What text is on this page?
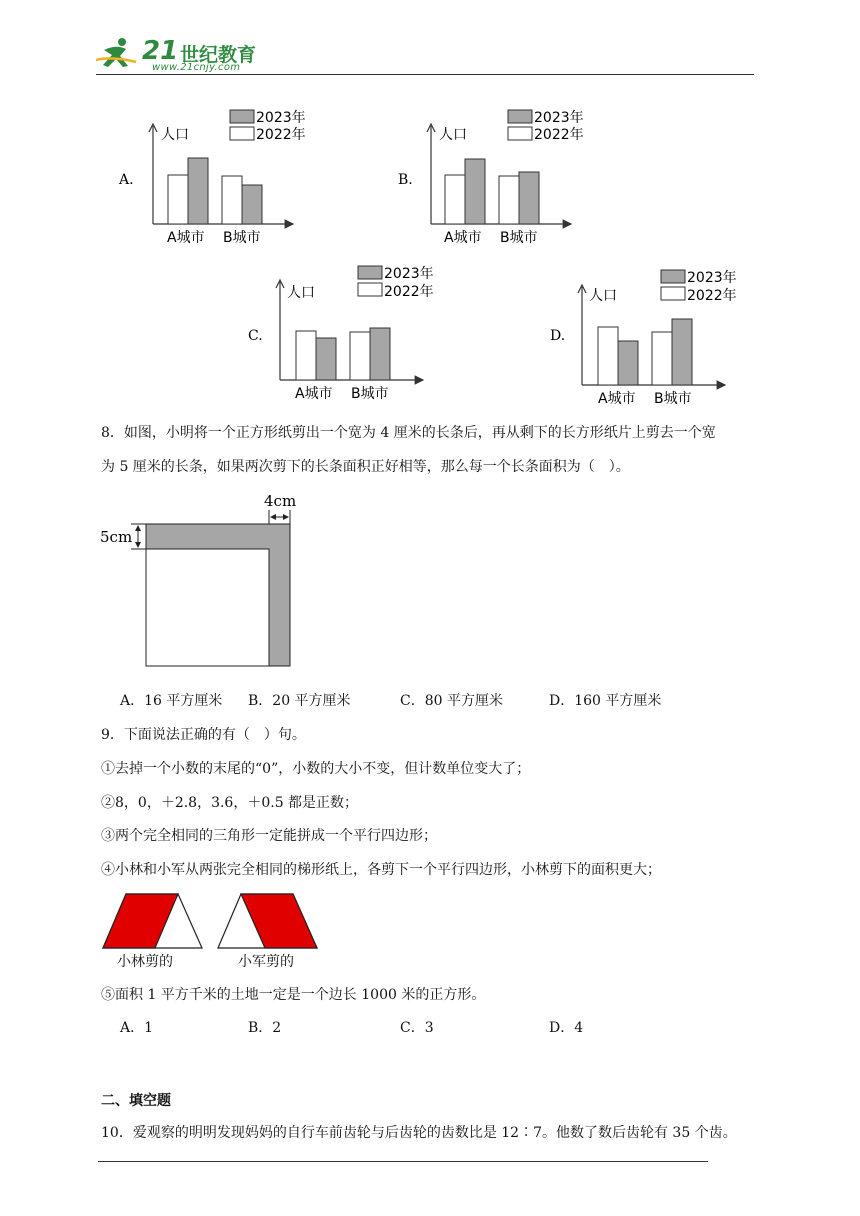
21 世纪教育
www.21cnjy.com
A.
人口
2023年
2022年
A城市 B城市
B.
人口
2023年
2022年
A城市 B城市
C.
人口
2023年
2022年
A城市 B城市
D.
人口
2023年
2022年
A城市 B城市
8．如图，小明将一个正方形纸剪出一个宽为 4 厘米的长条后，再从剩下的长方形纸片上剪去一个宽
为 5 厘米的长条，如果两次剪下的长条面积正好相等，那么每一个长条面积为（　）。
4cm
5cm
A．16 平方厘米 B．20 平方厘米	C．80 平方厘米	D．160 平方厘米
9．下面说法正确的有（　）句。
①去掉一个小数的末尾的“0”，小数的大小不变，但计数单位变大了；
②8，0，＋2.8，3.6，＋0.5 都是正数；
③两个完全相同的三角形一定能拼成一个平行四边形；
④小林和小军从两张完全相同的梯形纸上，各剪下一个平行四边形，小林剪下的面积更大；
小林剪的	小军剪的
⑤面积 1 平方千米的土地一定是一个边长 1000 米的正方形。
A．1	B．2	C．3	D．4
二、填空题
10．爱观察的明明发现妈妈的自行车前齿轮与后齿轮的齿数比是 12∶7。他数了数后齿轮有 35 个齿。
